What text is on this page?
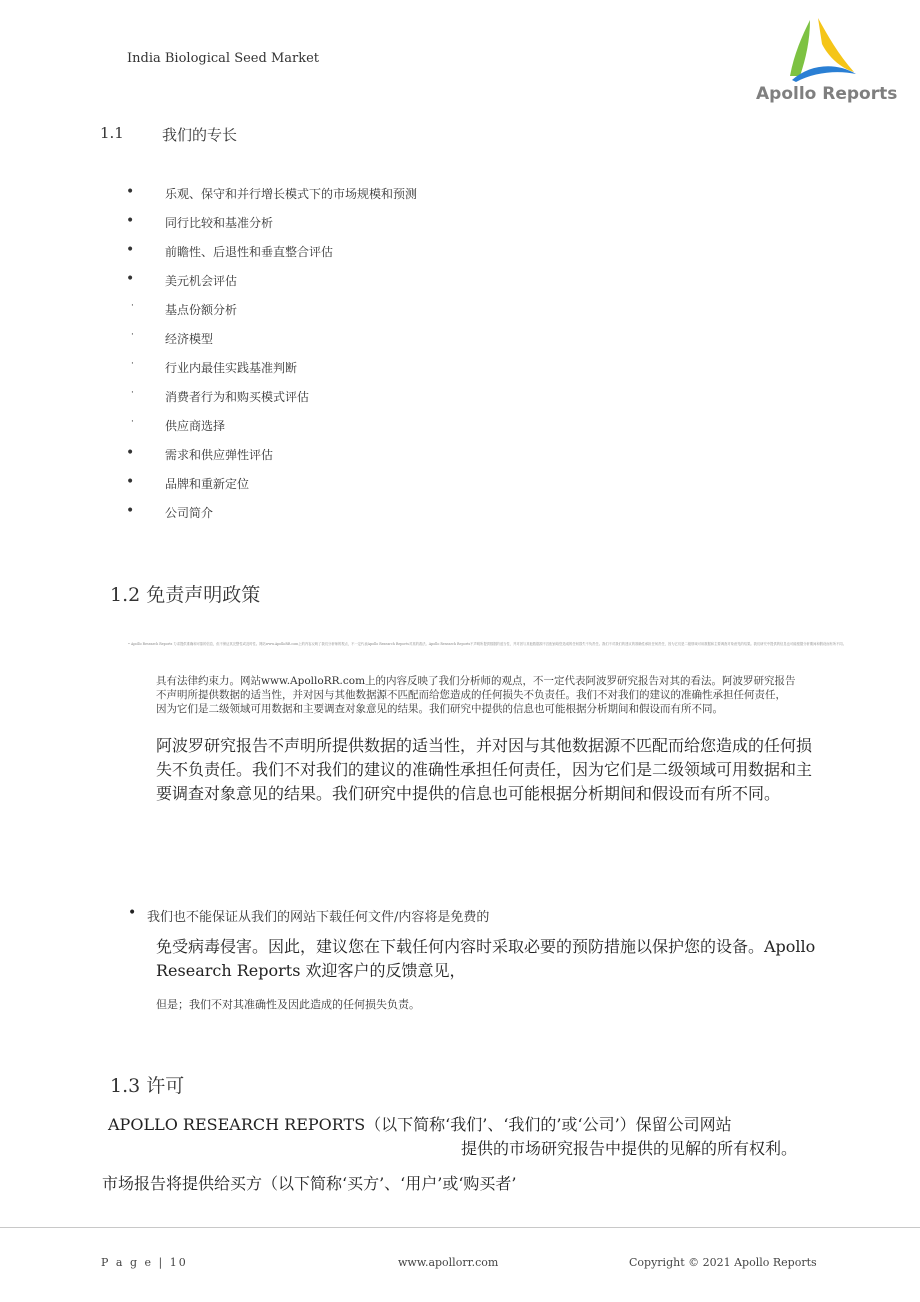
India Biological Seed Market
Apollo Reports
1.1	我们的专长
•	乐观、保守和并行增长模式下的市场规模和预测
•	同行比较和基准分析
•	前瞻性、后退性和垂直整合评估
•	美元机会评估
·	基点份额分析
·	经济模型
·	行业内最佳实践基准判断
·	消费者行为和购买模式评估
·	供应商选择
•	需求和供应弹性评估
•	品牌和重新定位
•	公司简介
1.2 免责声明政策
• Apollo Research Reports 力求提供准确和可靠的信息，但不保证其完整性或及时性。网站www.ApolloRR.com上的内容反映了我们分析师的观点，不一定代表Apollo Research Reports对其的看法。Apollo Research Reports不声明所提供数据的适当性，并对因与其他数据源不匹配而给您造成的任何损失不负责任。我们不对我们的建议的准确性承担任何责任，因为它们是二级领域可用数据和主要调查对象意见的结果。我们研究中提供的信息也可能根据分析期间和假设而有所不同。
具有法律约束力。网站www.ApolloRR.com上的内容反映了我们分析师的观点，不一定代表阿波罗研究报告对其的看法。阿波罗研究报告不声明所提供数据的适当性，并对因与其他数据源不匹配而给您造成的任何损失不负责任。我们不对我们的建议的准确性承担任何责任，因为它们是二级领域可用数据和主要调查对象意见的结果。我们研究中提供的信息也可能根据分析期间和假设而有所不同。
阿波罗研究报告不声明所提供数据的适当性，并对因与其他数据源不匹配而给您造成的任何损失不负责任。我们不对我们的建议的准确性承担任何责任，因为它们是二级领域可用数据和主要调查对象意见的结果。我们研究中提供的信息也可能根据分析期间和假设而有所不同。
• 我们也不能保证从我们的网站下载任何文件/内容将是免费的
免受病毒侵害。因此，建议您在下载任何内容时采取必要的预防措施以保护您的设备。Apollo Research Reports 欢迎客户的反馈意见，
但是；我们不对其准确性及因此造成的任何损失负责。
1.3 许可
APOLLO RESEARCH REPORTS（以下简称‘我们’、‘我们的’或‘公司’）保留公司网站
提供的市场研究报告中提供的见解的所有权利。
市场报告将提供给买方（以下简称‘买方’、‘用户’或‘购买者’
P a g e | 10	www.apollorr.com	Copyright © 2021 Apollo Reports
